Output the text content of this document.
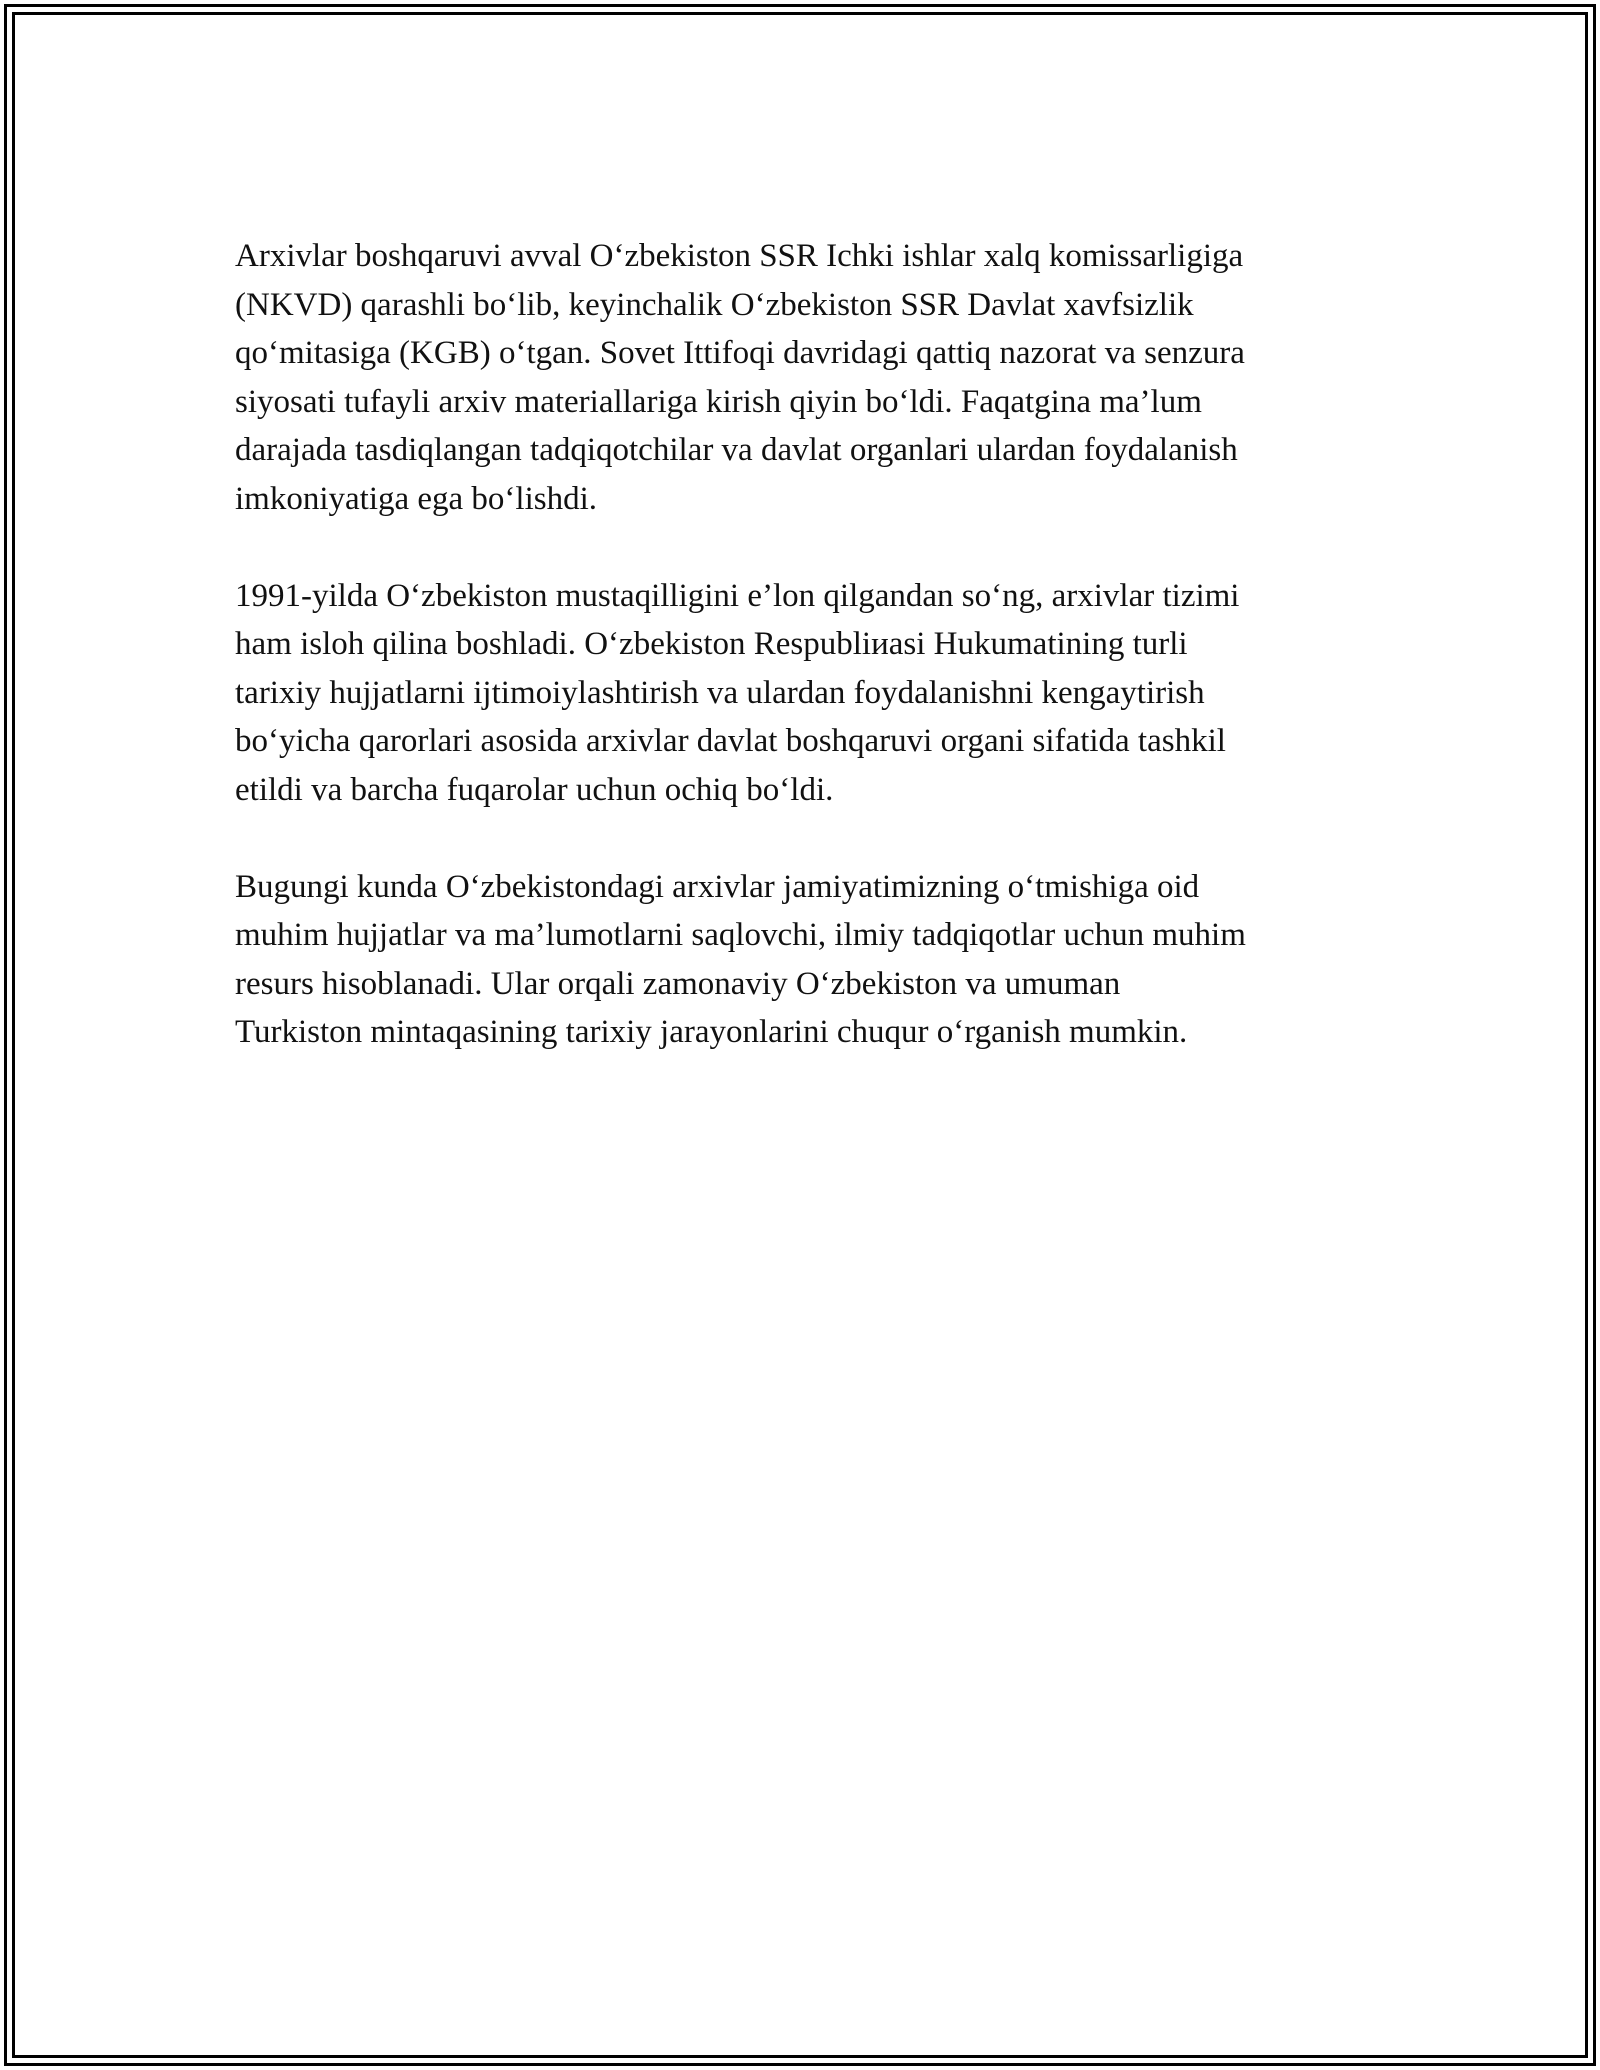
Arxivlar boshqaruvi avval O‘zbekiston SSR Ichki ishlar xalq komissarligiga
(NKVD) qarashli bo‘lib, keyinchalik O‘zbekiston SSR Davlat xavfsizlik
qo‘mitasiga (KGB) o‘tgan. Sovet Ittifoqi davridagi qattiq nazorat va senzura
siyosati tufayli arxiv materiallariga kirish qiyin bo‘ldi. Faqatgina ma’lum
darajada tasdiqlangan tadqiqotchilar va davlat organlari ulardan foydalanish
imkoniyatiga ega bo‘lishdi.

1991-yilda O‘zbekiston mustaqilligini e’lon qilgandan so‘ng, arxivlar tizimi
ham isloh qilina boshladi. O‘zbekiston Respubliиasi Hukumatining turli
tarixiy hujjatlarni ijtimoiylashtirish va ulardan foydalanishni kengaytirish
bo‘yicha qarorlari asosida arxivlar davlat boshqaruvi organi sifatida tashkil
etildi va barcha fuqarolar uchun ochiq bo‘ldi.

Bugungi kunda O‘zbekistondagi arxivlar jamiyatimizning o‘tmishiga oid
muhim hujjatlar va ma’lumotlarni saqlovchi, ilmiy tadqiqotlar uchun muhim
resurs hisoblanadi. Ular orqali zamonaviy O‘zbekiston va umuman
Turkiston mintaqasining tarixiy jarayonlarini chuqur o‘rganish mumkin.
